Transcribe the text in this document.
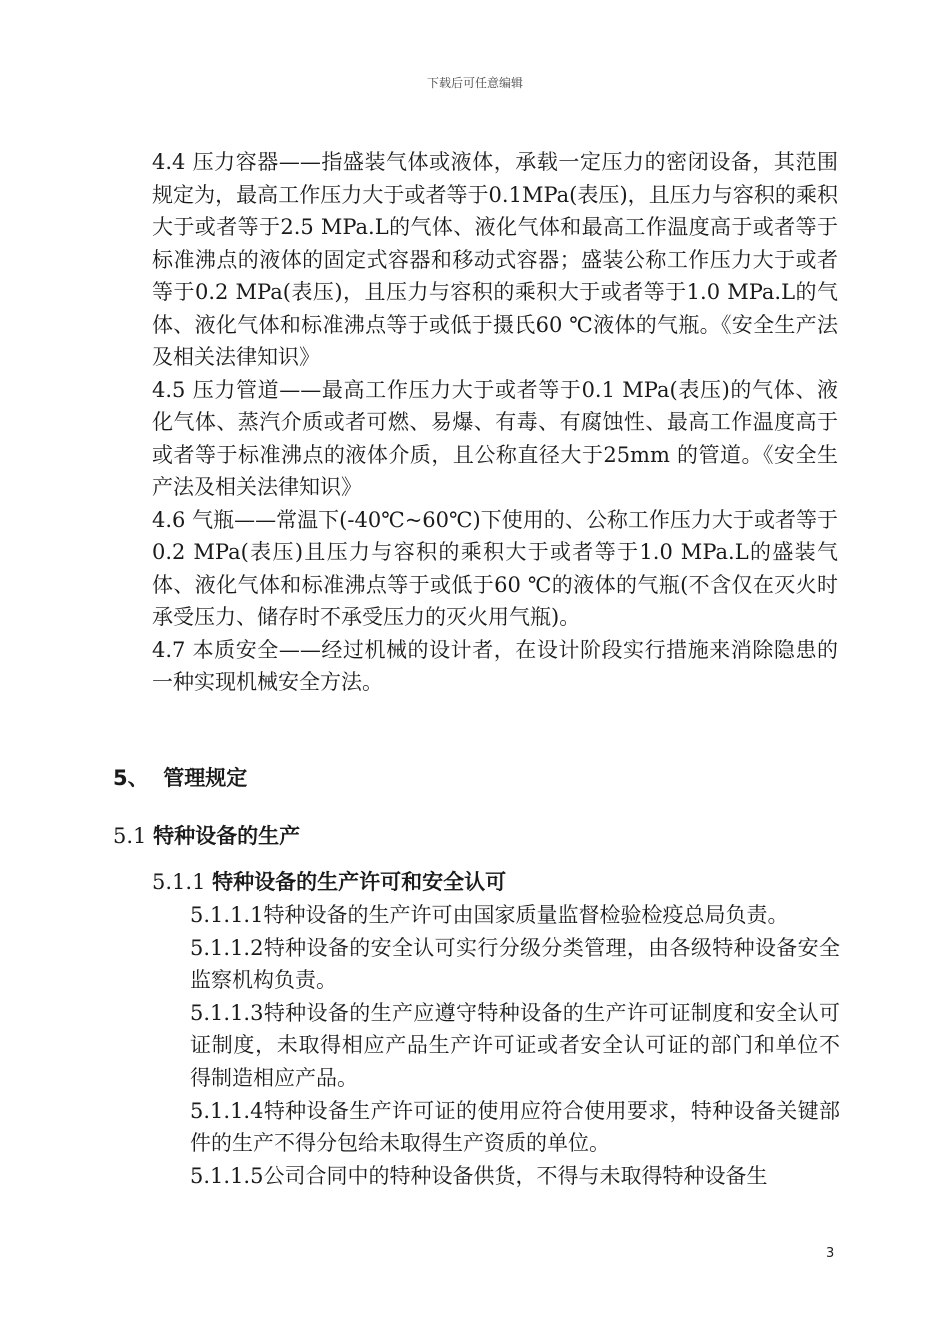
下载后可任意编辑

4.4 压力容器——指盛装气体或液体，承载一定压力的密闭设备，其范围规定为，最高工作压力大于或者等于0.1MPa(表压)，且压力与容积的乘积大于或者等于2.5 MPa.L的气体、液化气体和最高工作温度高于或者等于标准沸点的液体的固定式容器和移动式容器；盛装公称工作压力大于或者等于0.2 MPa(表压)，且压力与容积的乘积大于或者等于1.0 MPa.L的气体、液化气体和标准沸点等于或低于摄氏60 ℃液体的气瓶。《安全生产法及相关法律知识》

4.5 压力管道——最高工作压力大于或者等于0.1 MPa(表压)的气体、液化气体、蒸汽介质或者可燃、易爆、有毒、有腐蚀性、最高工作温度高于或者等于标准沸点的液体介质，且公称直径大于25mm 的管道。《安全生产法及相关法律知识》

4.6 气瓶——常温下(-40℃~60℃)下使用的、公称工作压力大于或者等于0.2 MPa(表压)且压力与容积的乘积大于或者等于1.0 MPa.L的盛装气体、液化气体和标准沸点等于或低于60 ℃的液体的气瓶(不含仅在灭火时承受压力、储存时不承受压力的灭火用气瓶)。

4.7 本质安全——经过机械的设计者，在设计阶段实行措施来消除隐患的一种实现机械安全方法。

5、 管理规定
5.1 特种设备的生产
5.1.1 特种设备的生产许可和安全认可

5.1.1.1特种设备的生产许可由国家质量监督检验检疫总局负责。

5.1.1.2特种设备的安全认可实行分级分类管理，由各级特种设备安全监察机构负责。

5.1.1.3特种设备的生产应遵守特种设备的生产许可证制度和安全认可证制度，未取得相应产品生产许可证或者安全认可证的部门和单位不得制造相应产品。

5.1.1.4特种设备生产许可证的使用应符合使用要求，特种设备关键部件的生产不得分包给未取得生产资质的单位。

5.1.1.5公司合同中的特种设备供货，不得与未取得特种设备生

3
